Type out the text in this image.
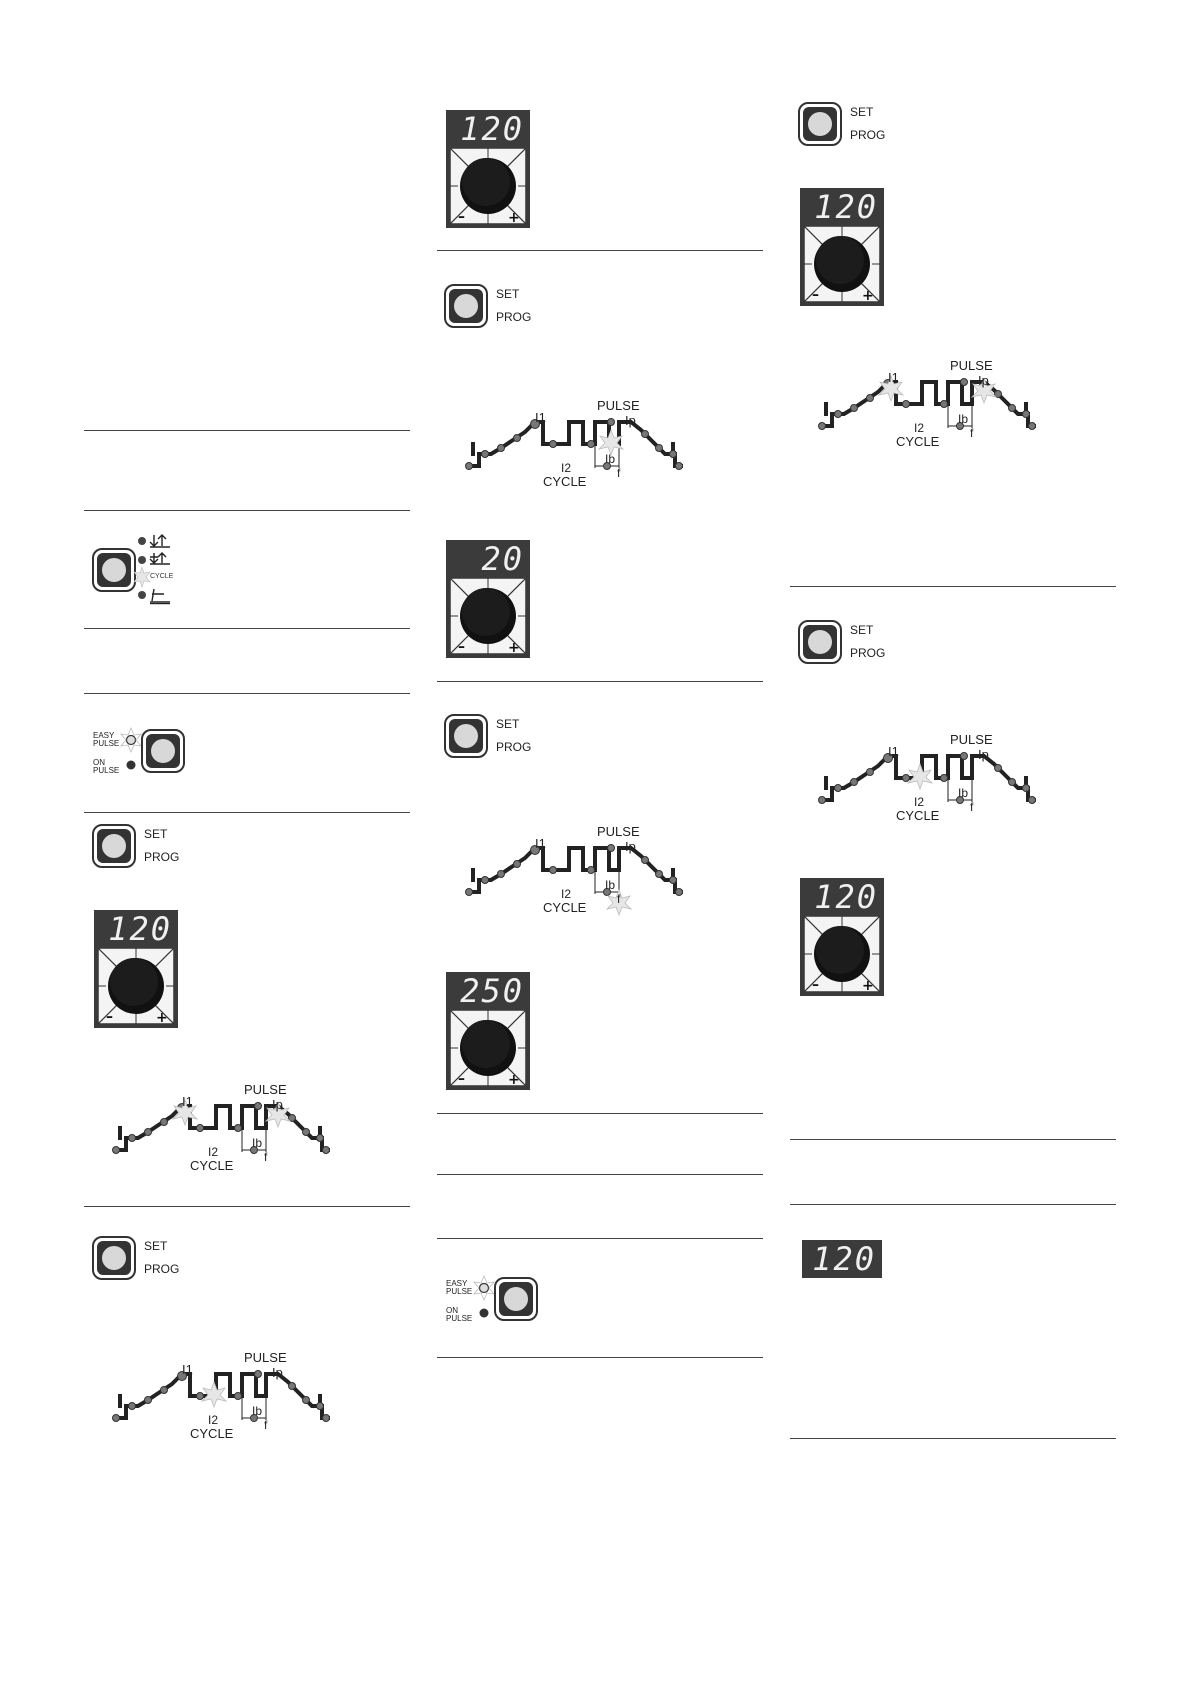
CYCLE
EASY PULSE
ON PULSE
SET
PROG
120
PULSE
I1	Ip
I2
Ib
f
CYCLE
SET
PROG
PULSE
I1	Ip
I2
Ib
f
CYCLE
120
SET
PROG
PULSE
I1	Ip
I2
Ib
f
CYCLE
20
SET
PROG
PULSE
I1	Ip
I2
Ib
f
CYCLE
250
EASY PULSE
ON PULSE
SET
PROG
120
PULSE
I1	Ip
I2
Ib
f
CYCLE
SET
PROG
PULSE
I1	Ip
I2
Ib
f
CYCLE
120
120
